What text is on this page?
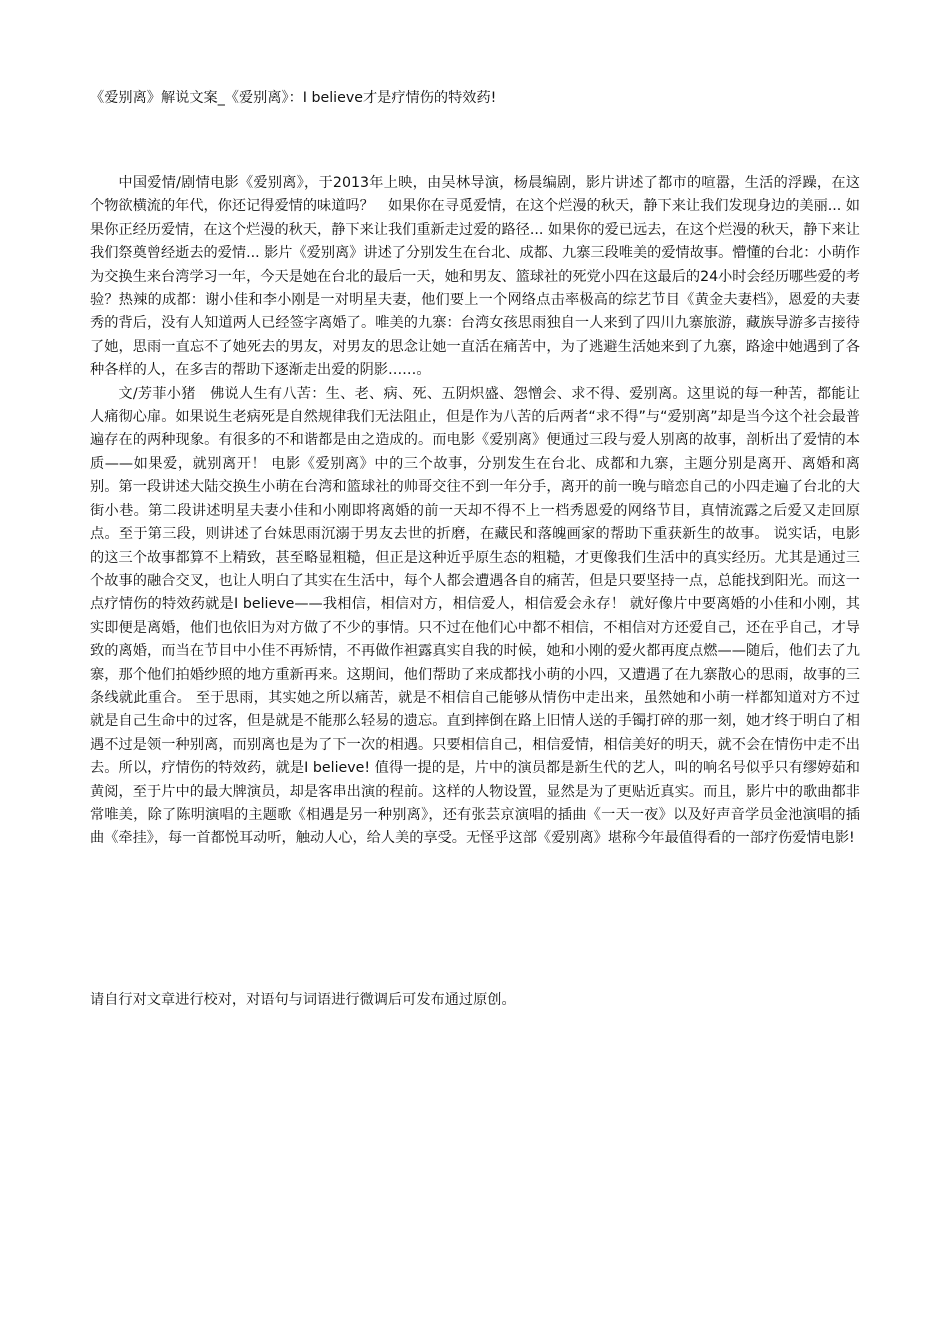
《爱别离》解说文案_《爱别离》：I believe才是疗情伤的特效药!

中国爱情/剧情电影《爱别离》，于2013年上映，由吴林导演，杨晨编剧，影片讲述了都市的喧嚣，生活的浮躁，在这个物欲横流的年代，你还记得爱情的味道吗？　如果你在寻觅爱情，在这个烂漫的秋天，静下来让我们发现身边的美丽... 如果你正经历爱情，在这个烂漫的秋天，静下来让我们重新走过爱的路径... 如果你的爱已远去，在这个烂漫的秋天，静下来让我们祭奠曾经逝去的爱情... 影片《爱别离》讲述了分别发生在台北、成都、九寨三段唯美的爱情故事。懵懂的台北：小萌作为交换生来台湾学习一年，今天是她在台北的最后一天，她和男友、篮球社的死党小四在这最后的24小时会经历哪些爱的考验？热辣的成都：谢小佳和李小刚是一对明星夫妻，他们要上一个网络点击率极高的综艺节目《黄金夫妻档》，恩爱的夫妻秀的背后，没有人知道两人已经签字离婚了。唯美的九寨：台湾女孩思雨独自一人来到了四川九寨旅游，藏族导游多吉接待了她，思雨一直忘不了她死去的男友，对男友的思念让她一直活在痛苦中，为了逃避生活她来到了九寨，路途中她遇到了各种各样的人，在多吉的帮助下逐渐走出爱的阴影……。

文/芳菲小猪　佛说人生有八苦：生、老、病、死、五阴炽盛、怨憎会、求不得、爱别离。这里说的每一种苦，都能让人痛彻心扉。如果说生老病死是自然规律我们无法阻止，但是作为八苦的后两者“求不得”与“爱别离”却是当今这个社会最普遍存在的两种现象。有很多的不和谐都是由之造成的。而电影《爱别离》便通过三段与爱人别离的故事，剖析出了爱情的本质——如果爱，就别离开！ 电影《爱别离》中的三个故事，分别发生在台北、成都和九寨，主题分别是离开、离婚和离别。第一段讲述大陆交换生小萌在台湾和篮球社的帅哥交往不到一年分手，离开的前一晚与暗恋自己的小四走遍了台北的大街小巷。第二段讲述明星夫妻小佳和小刚即将离婚的前一天却不得不上一档秀恩爱的网络节目，真情流露之后爱又走回原点。至于第三段，则讲述了台妹思雨沉溺于男友去世的折磨，在藏民和落魄画家的帮助下重获新生的故事。 说实话，电影的这三个故事都算不上精致，甚至略显粗糙，但正是这种近乎原生态的粗糙，才更像我们生活中的真实经历。尤其是通过三个故事的融合交叉，也让人明白了其实在生活中，每个人都会遭遇各自的痛苦，但是只要坚持一点，总能找到阳光。而这一点疗情伤的特效药就是I believe——我相信，相信对方，相信爱人，相信爱会永存！ 就好像片中要离婚的小佳和小刚，其实即便是离婚，他们也依旧为对方做了不少的事情。只不过在他们心中都不相信，不相信对方还爱自己，还在乎自己，才导致的离婚，而当在节目中小佳不再矫情，不再做作袒露真实自我的时候，她和小刚的爱火都再度点燃——随后，他们去了九寨，那个他们拍婚纱照的地方重新再来。这期间，他们帮助了来成都找小萌的小四，又遭遇了在九寨散心的思雨，故事的三条线就此重合。 至于思雨，其实她之所以痛苦，就是不相信自己能够从情伤中走出来，虽然她和小萌一样都知道对方不过就是自己生命中的过客，但是就是不能那么轻易的遗忘。直到摔倒在路上旧情人送的手镯打碎的那一刻，她才终于明白了相遇不过是领一种别离，而别离也是为了下一次的相遇。只要相信自己，相信爱情，相信美好的明天，就不会在情伤中走不出去。所以，疗情伤的特效药，就是I believe! 值得一提的是，片中的演员都是新生代的艺人，叫的响名号似乎只有缪婷茹和黄阅，至于片中的最大牌演员，却是客串出演的程前。这样的人物设置，显然是为了更贴近真实。而且，影片中的歌曲都非常唯美，除了陈明演唱的主题歌《相遇是另一种别离》，还有张芸京演唱的插曲《一天一夜》以及好声音学员金池演唱的插曲《牵挂》，每一首都悦耳动听，触动人心，给人美的享受。无怪乎这部《爱别离》堪称今年最值得看的一部疗伤爱情电影!

请自行对文章进行校对，对语句与词语进行微调后可发布通过原创。
